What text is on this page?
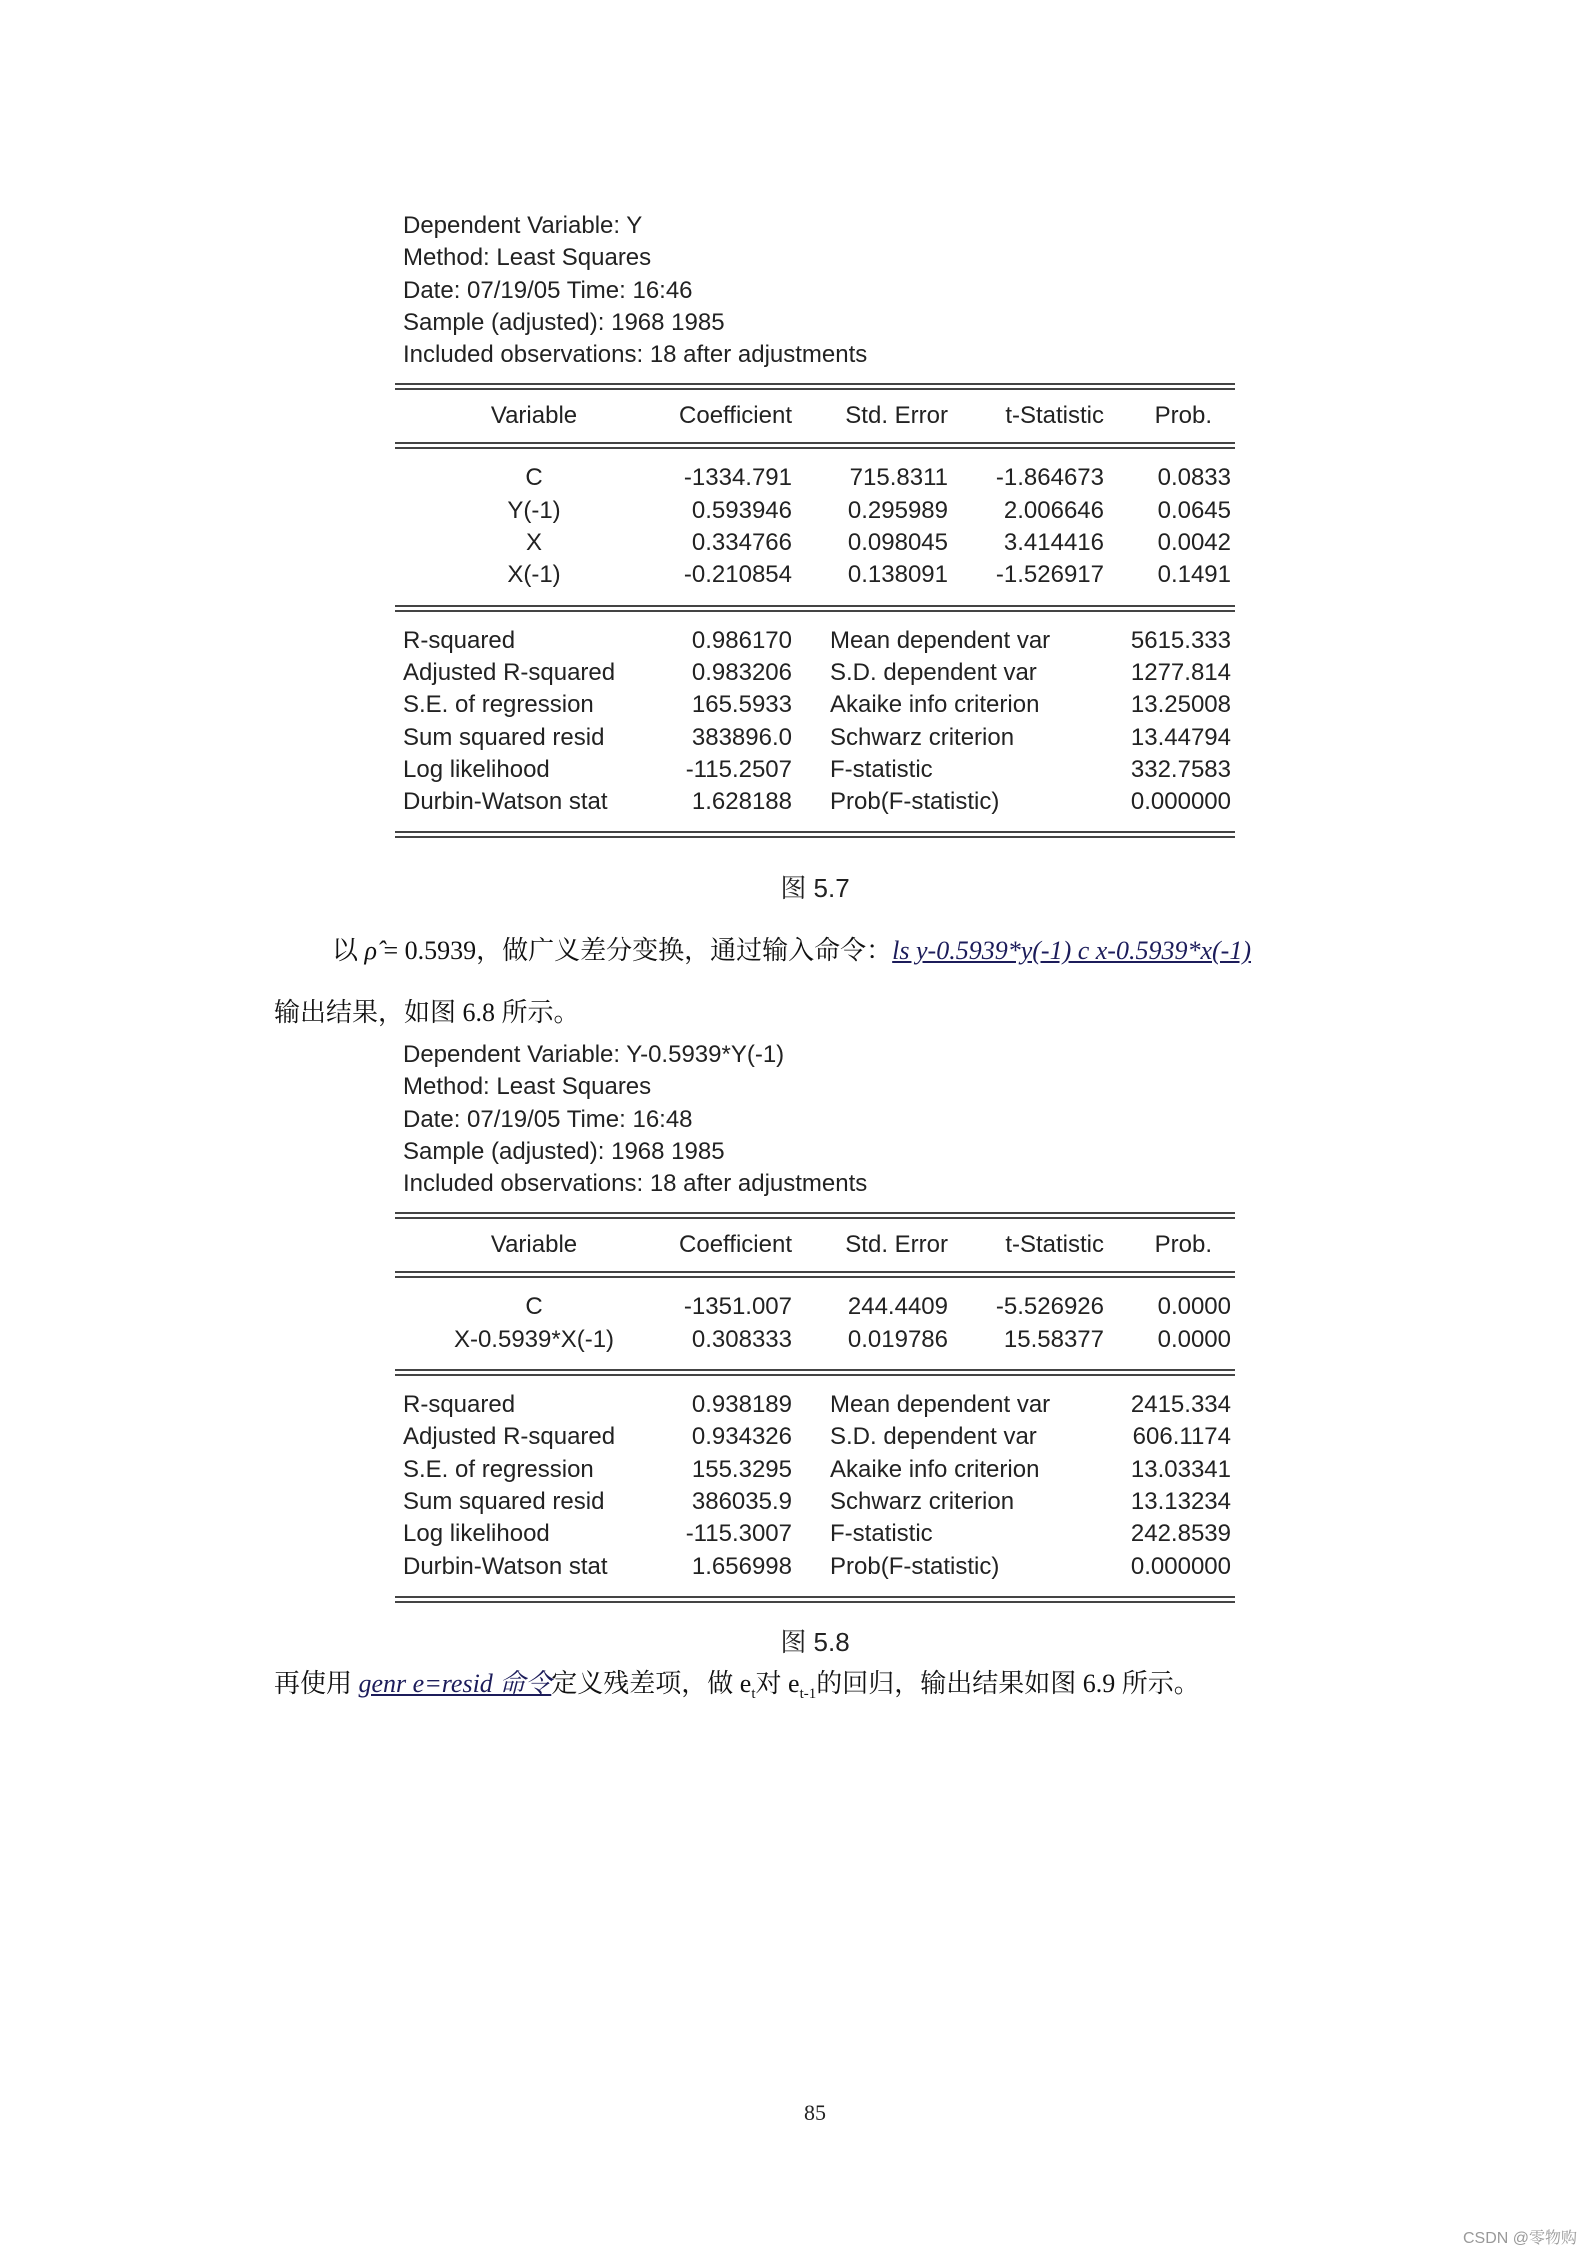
Dependent Variable: Y
Method: Least Squares
Date: 07/19/05 Time: 16:46
Sample (adjusted): 1968 1985
Included observations: 18 after adjustments
Variable	Coefficient Std. Error t-Statistic Prob.
C	-1334.791 715.8311 -1.864673 0.0833
Y(-1)	0.593946 0.295989 2.006646 0.0645
X	0.334766 0.098045 3.414416 0.0042
X(-1)	-0.210854 0.138091 -1.526917 0.1491
R-squared	0.986170 Mean dependent var	5615.333
Adjusted R-squared	0.983206 S.D. dependent var	1277.814
S.E. of regression	165.5933 Akaike info criterion	13.25008
Sum squared resid	383896.0 Schwarz criterion	13.44794
Log likelihood	-115.2507 F-statistic	332.7583
Durbin-Watson stat	1.628188 Prob(F-statistic)	0.000000
图 5.7
以 ρ̂ = 0.5939，做广义差分变换，通过输入命令：ls y-0.5939*y(-1) c x-0.5939*x(-1)
输出结果，如图 6.8 所示。
Dependent Variable: Y-0.5939*Y(-1)
Method: Least Squares
Date: 07/19/05 Time: 16:48
Sample (adjusted): 1968 1985
Included observations: 18 after adjustments
Variable	Coefficient Std. Error t-Statistic Prob.
C	-1351.007 244.4409 -5.526926 0.0000
X-0.5939*X(-1)	0.308333 0.019786 15.58377 0.0000
R-squared	0.938189 Mean dependent var	2415.334
Adjusted R-squared	0.934326 S.D. dependent var	606.1174
S.E. of regression	155.3295 Akaike info criterion	13.03341
Sum squared resid	386035.9 Schwarz criterion	13.13234
Log likelihood	-115.3007 F-statistic	242.8539
Durbin-Watson stat	1.656998 Prob(F-statistic)	0.000000
图 5.8
再使用 genr e=resid 命令定义残差项，做 $e_t$对 $e_{t-1}$的回归，输出结果如图 6.9 所示。
85
CSDN @零物购
